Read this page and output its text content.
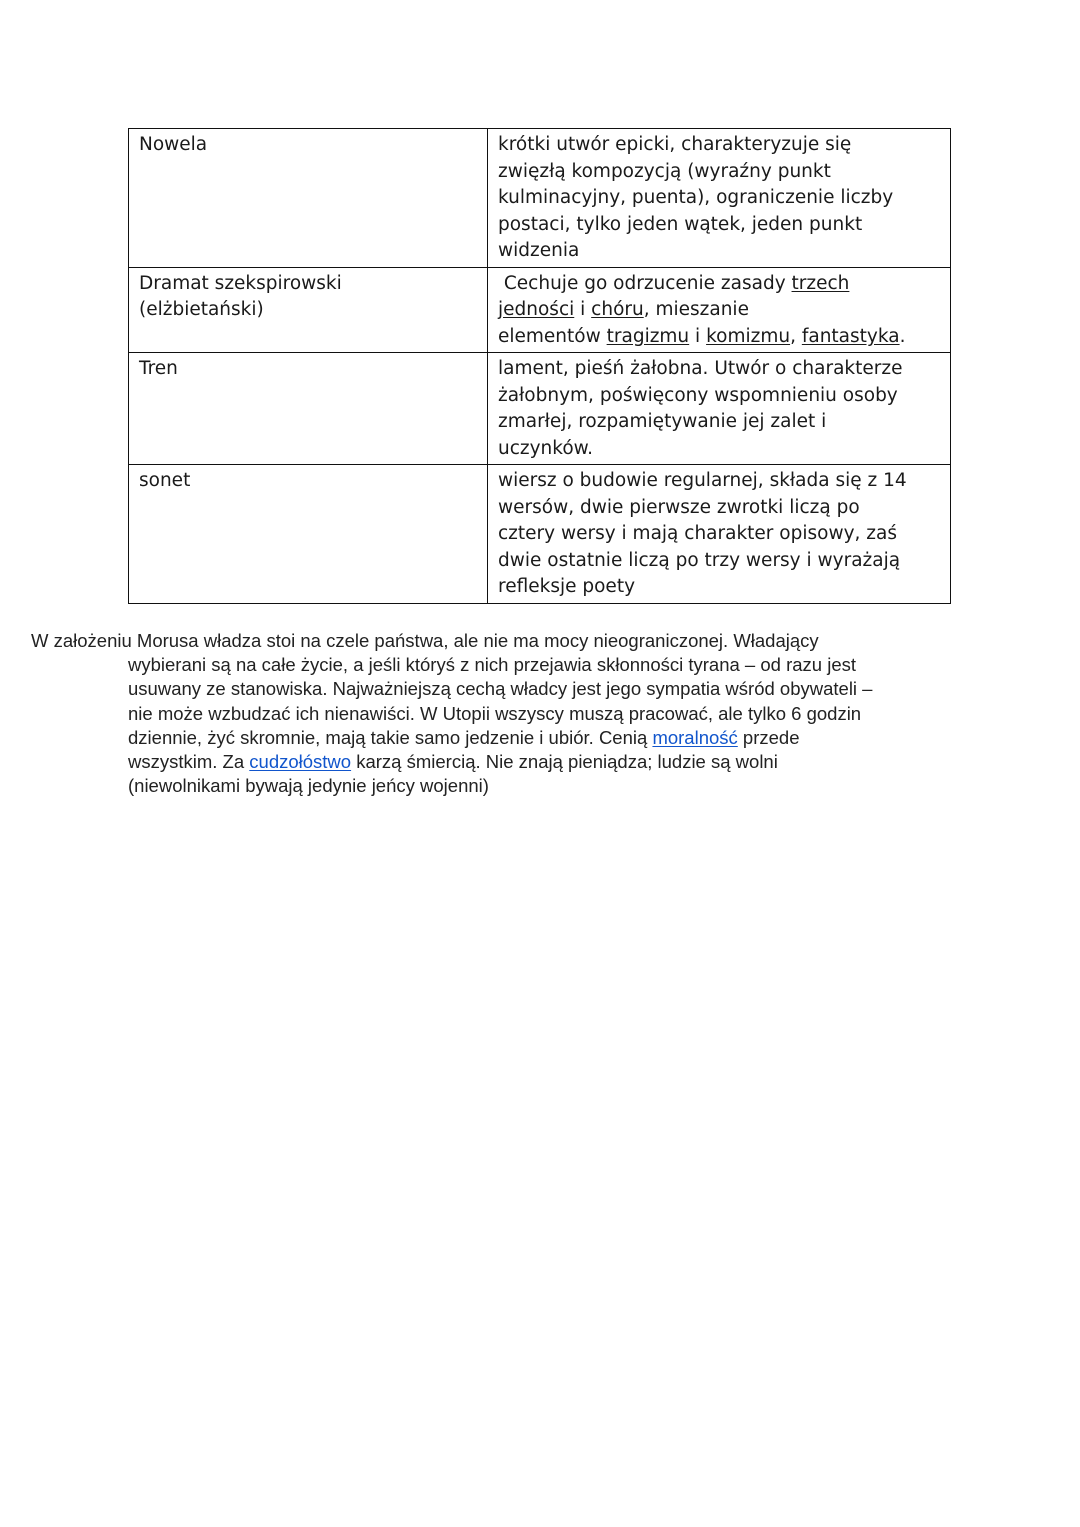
Nowela	krótki utwór epicki, charakteryzuje się
zwięzłą kompozycją (wyraźny punkt
kulminacyjny, puenta), ograniczenie liczby
postaci, tylko jeden wątek, jeden punkt
widzenia
Dramat szekspirowski
(elżbietański)	Cechuje go odrzucenie zasady trzech
jedności i chóru, mieszanie
elementów tragizmu i komizmu, fantastyka.
Tren	lament, pieśń żałobna. Utwór o charakterze
żałobnym, poświęcony wspomnieniu osoby
zmarłej, rozpamiętywanie jej zalet i
uczynków.
sonet	wiersz o budowie regularnej, składa się z 14
wersów, dwie pierwsze zwrotki liczą po
cztery wersy i mają charakter opisowy, zaś
dwie ostatnie liczą po trzy wersy i wyrażają
refleksje poety
W założeniu Morusa władza stoi na czele państwa, ale nie ma mocy nieograniczonej. Władający
wybierani są na całe życie, a jeśli któryś z nich przejawia skłonności tyrana – od razu jest
usuwany ze stanowiska. Najważniejszą cechą władcy jest jego sympatia wśród obywateli –
nie może wzbudzać ich nienawiści. W Utopii wszyscy muszą pracować, ale tylko 6 godzin
dziennie, żyć skromnie, mają takie samo jedzenie i ubiór. Cenią moralność przede
wszystkim. Za cudzołóstwo karzą śmiercią. Nie znają pieniądza; ludzie są wolni
(niewolnikami bywają jedynie jeńcy wojenni)
